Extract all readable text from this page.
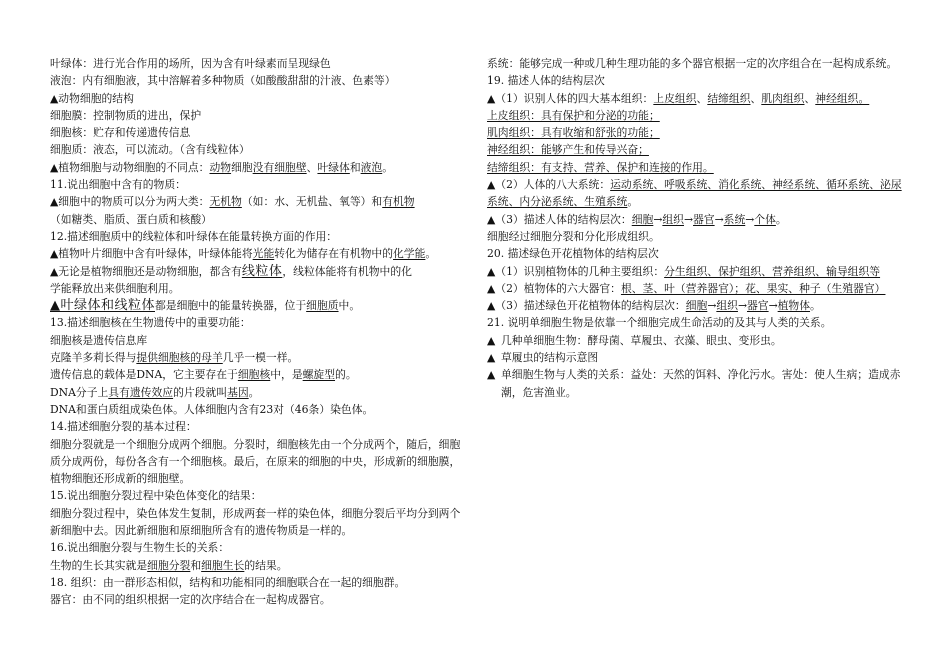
叶绿体：进行光合作用的场所，因为含有叶绿素而呈现绿色
液泡：内有细胞液，其中溶解着多种物质（如酸酸甜甜的汁液、色素等）
▲动物细胞的结构
细胞膜：控制物质的进出，保护
细胞核：贮存和传递遗传信息
细胞质：液态，可以流动。（含有线粒体）
▲植物细胞与动物细胞的不同点：动物细胞没有细胞壁、叶绿体和液泡。
11.说出细胞中含有的物质：
▲细胞中的物质可以分为两大类：无机物（如：水、无机盐、氧等）和有机物
（如糖类、脂质、蛋白质和核酸）
12.描述细胞质中的线粒体和叶绿体在能量转换方面的作用：
▲植物叶片细胞中含有叶绿体，叶绿体能将光能转化为储存在有机物中的化学能。
▲无论是植物细胞还是动物细胞，都含有线粒体，线粒体能将有机物中的化
学能释放出来供细胞利用。
▲叶绿体和线粒体都是细胞中的能量转换器，位于细胞质中。
13.描述细胞核在生物遗传中的重要功能：
细胞核是遗传信息库
克隆羊多莉长得与提供细胞核的母羊几乎一模一样。
遗传信息的载体是DNA，它主要存在于细胞核中，是螺旋型的。
DNA分子上具有遗传效应的片段就叫基因。
DNA和蛋白质组成染色体。人体细胞内含有23对（46条）染色体。
14.描述细胞分裂的基本过程：
细胞分裂就是一个细胞分成两个细胞。分裂时，细胞核先由一个分成两个，随后，细胞质分成两份，每份各含有一个细胞核。最后，在原来的细胞的中央，形成新的细胞膜，植物细胞还形成新的细胞壁。
15.说出细胞分裂过程中染色体变化的结果：
细胞分裂过程中，染色体发生复制，形成两套一样的染色体，细胞分裂后平均分到两个新细胞中去。因此新细胞和原细胞所含有的遗传物质是一样的。
16.说出细胞分裂与生物生长的关系：
生物的生长其实就是细胞分裂和细胞生长的结果。
18. 组织：由一群形态相似，结构和功能相同的细胞联合在一起的细胞群。
器官：由不同的组织根据一定的次序结合在一起构成器官。
系统：能够完成一种或几种生理功能的多个器官根据一定的次序组合在一起构成系统。
19. 描述人体的结构层次
▲（1）识别人体的四大基本组织：上皮组织、结缔组织、肌肉组织、神经组织。
上皮组织：具有保护和分泌的功能；
肌肉组织：具有收缩和舒张的功能；
神经组织：能够产生和传导兴奋；
结缔组织：有支持、营养、保护和连接的作用。
▲（2）人体的八大系统：运动系统、呼吸系统、消化系统、神经系统、循环系统、泌尿系统、内分泌系统、生殖系统。
▲（3）描述人体的结构层次：细胞→组织→器官→系统→个体。
细胞经过细胞分裂和分化形成组织。
20. 描述绿色开花植物体的结构层次
▲（1）识别植物体的几种主要组织：分生组织、保护组织、营养组织、输导组织等
▲（2）植物体的六大器官：根、茎、叶（营养器官）；花、果实、种子（生殖器官）
▲（3）描述绿色开花植物体的结构层次：细胞→组织→器官→植物体。
21. 说明单细胞生物是依靠一个细胞完成生命活动的及其与人类的关系。
▲ 几种单细胞生物：酵母菌、草履虫、衣藻、眼虫、变形虫。
▲ 草履虫的结构示意图
▲ 单细胞生物与人类的关系：益处：天然的饵料、净化污水。害处：使人生病；造成赤潮，危害渔业。
